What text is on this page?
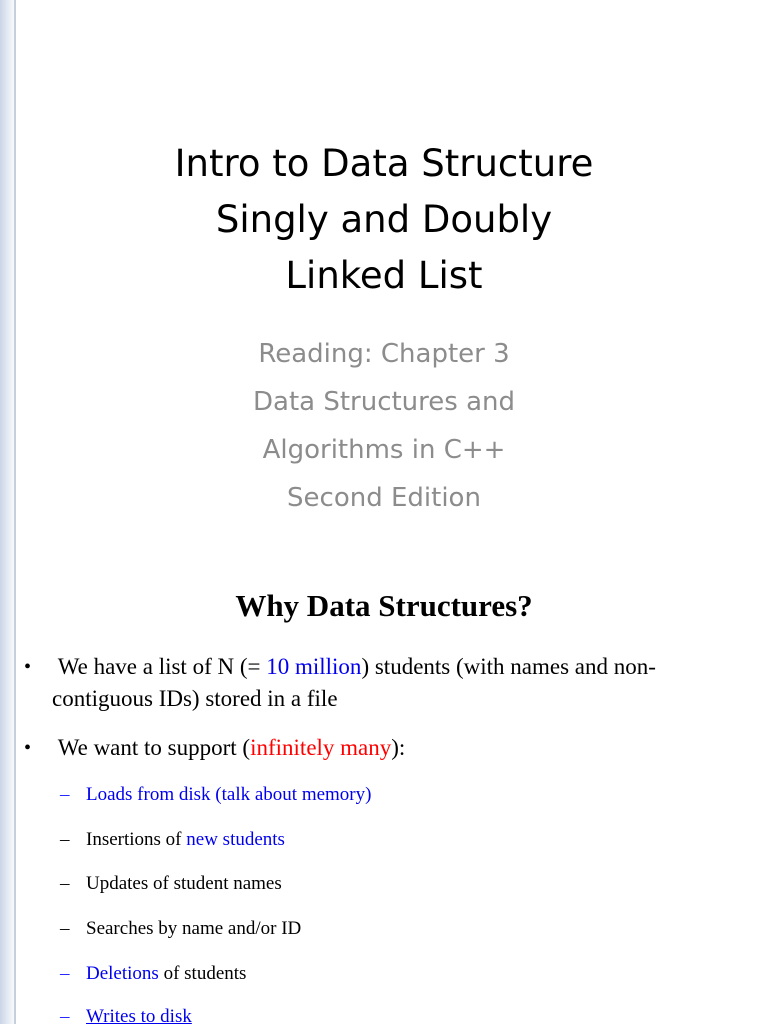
Intro to Data Structure
Singly and Doubly
Linked List
Reading: Chapter 3
Data Structures and
Algorithms in C++
Second Edition
Why Data Structures?
• We have a list of N (= 10 million) students (with names and non-
contiguous IDs) stored in a file
• We want to support (infinitely many):
– Loads from disk (talk about memory)
– Insertions of new students
– Updates of student names
– Searches by name and/or ID
– Deletions of students
– Writes to disk
